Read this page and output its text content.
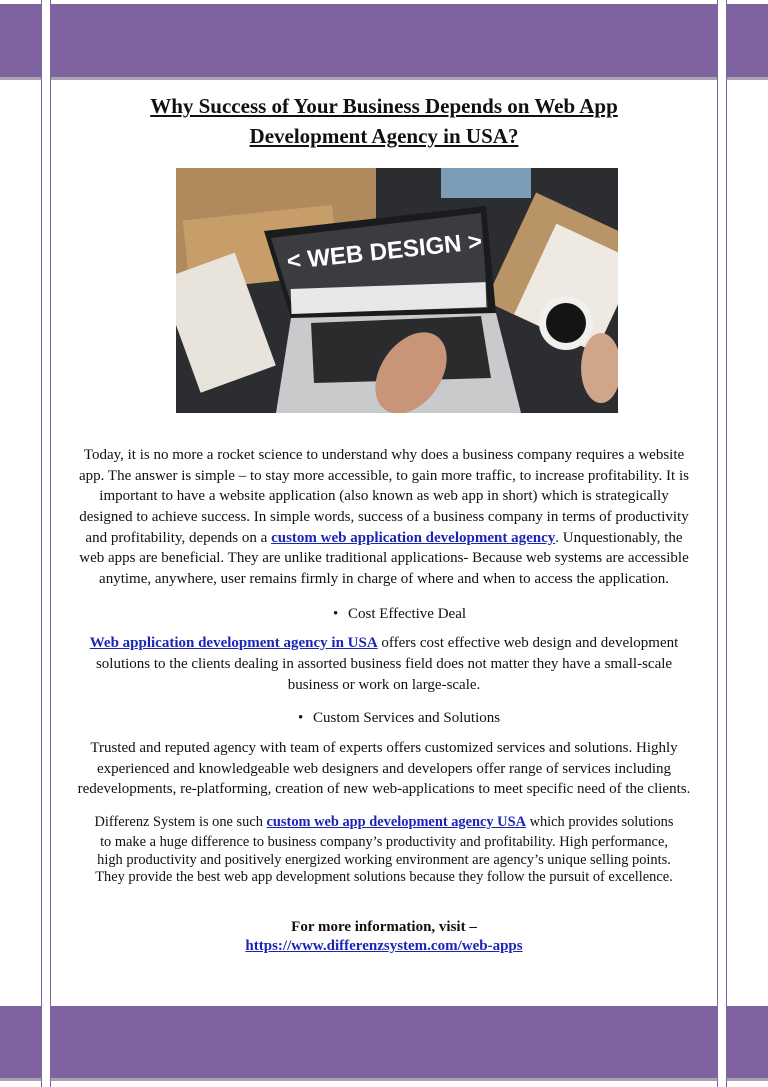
Why Success of Your Business Depends on Web App
Development Agency in USA?
< WEB DESIGN >
Today, it is no more a rocket science to understand why does a business company requires a website
app. The answer is simple – to stay more accessible, to gain more traffic, to increase profitability. It is
important to have a website application (also known as web app in short) which is strategically
designed to achieve success. In simple words, success of a business company in terms of productivity
and profitability, depends on a custom web application development agency. Unquestionably, the
web apps are beneficial. They are unlike traditional applications- Because web systems are accessible
anytime, anywhere, user remains firmly in charge of where and when to access the application.
Web application development agency in USA offers cost effective web design and development
solutions to the clients dealing in assorted business field does not matter they have a small-scale
business or work on large-scale.
Trusted and reputed agency with team of experts offers customized services and solutions. Highly
experienced and knowledgeable web designers and developers offer range of services including
redevelopments, re-platforming, creation of new web-applications to meet specific need of the clients.
Differenz System is one such custom web app development agency USA which provides solutions
to make a huge difference to business company’s productivity and profitability. High performance,
high productivity and positively energized working environment are agency’s unique selling points.
They provide the best web app development solutions because they follow the pursuit of excellence.
• Cost Effective Deal
• Custom Services and Solutions
For more information, visit –
https://www.differenzsystem.com/web-apps
